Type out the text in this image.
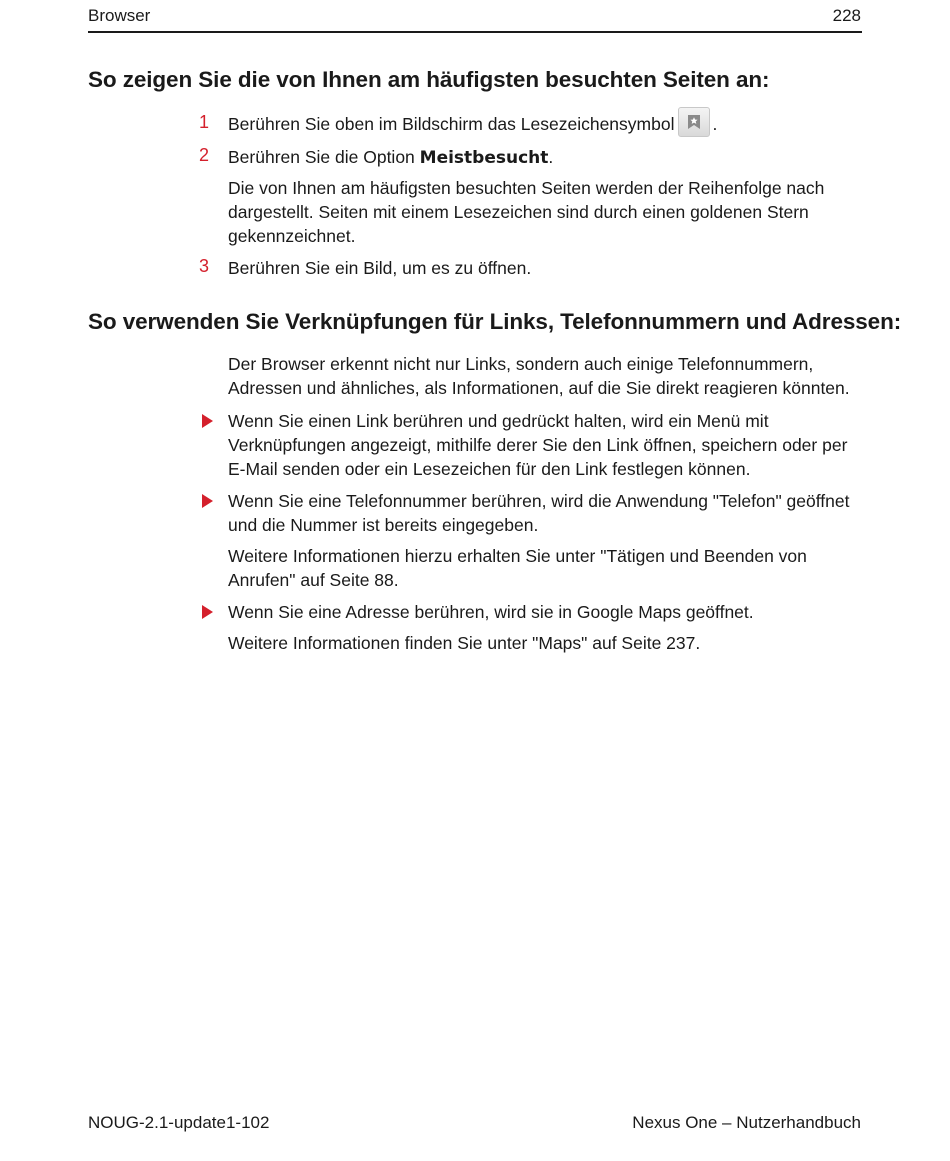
Browser	228
So zeigen Sie die von Ihnen am häufigsten besuchten Seiten an:
1 Berühren Sie oben im Bildschirm das Lesezeichensymbol .
2 Berühren Sie die Option Meistbesucht.
Die von Ihnen am häufigsten besuchten Seiten werden der Reihenfolge nach dargestellt. Seiten mit einem Lesezeichen sind durch einen goldenen Stern gekennzeichnet.
3 Berühren Sie ein Bild, um es zu öffnen.
So verwenden Sie Verknüpfungen für Links, Telefonnummern und Adressen:
Der Browser erkennt nicht nur Links, sondern auch einige Telefonnummern, Adressen und ähnliches, als Informationen, auf die Sie direkt reagieren könnten.
Wenn Sie einen Link berühren und gedrückt halten, wird ein Menü mit Verknüpfungen angezeigt, mithilfe derer Sie den Link öffnen, speichern oder per E-Mail senden oder ein Lesezeichen für den Link festlegen können.
Wenn Sie eine Telefonnummer berühren, wird die Anwendung "Telefon" geöffnet und die Nummer ist bereits eingegeben.
Weitere Informationen hierzu erhalten Sie unter "Tätigen und Beenden von Anrufen" auf Seite 88.
Wenn Sie eine Adresse berühren, wird sie in Google Maps geöffnet.
Weitere Informationen finden Sie unter "Maps" auf Seite 237.
NOUG-2.1-update1-102	Nexus One – Nutzerhandbuch
